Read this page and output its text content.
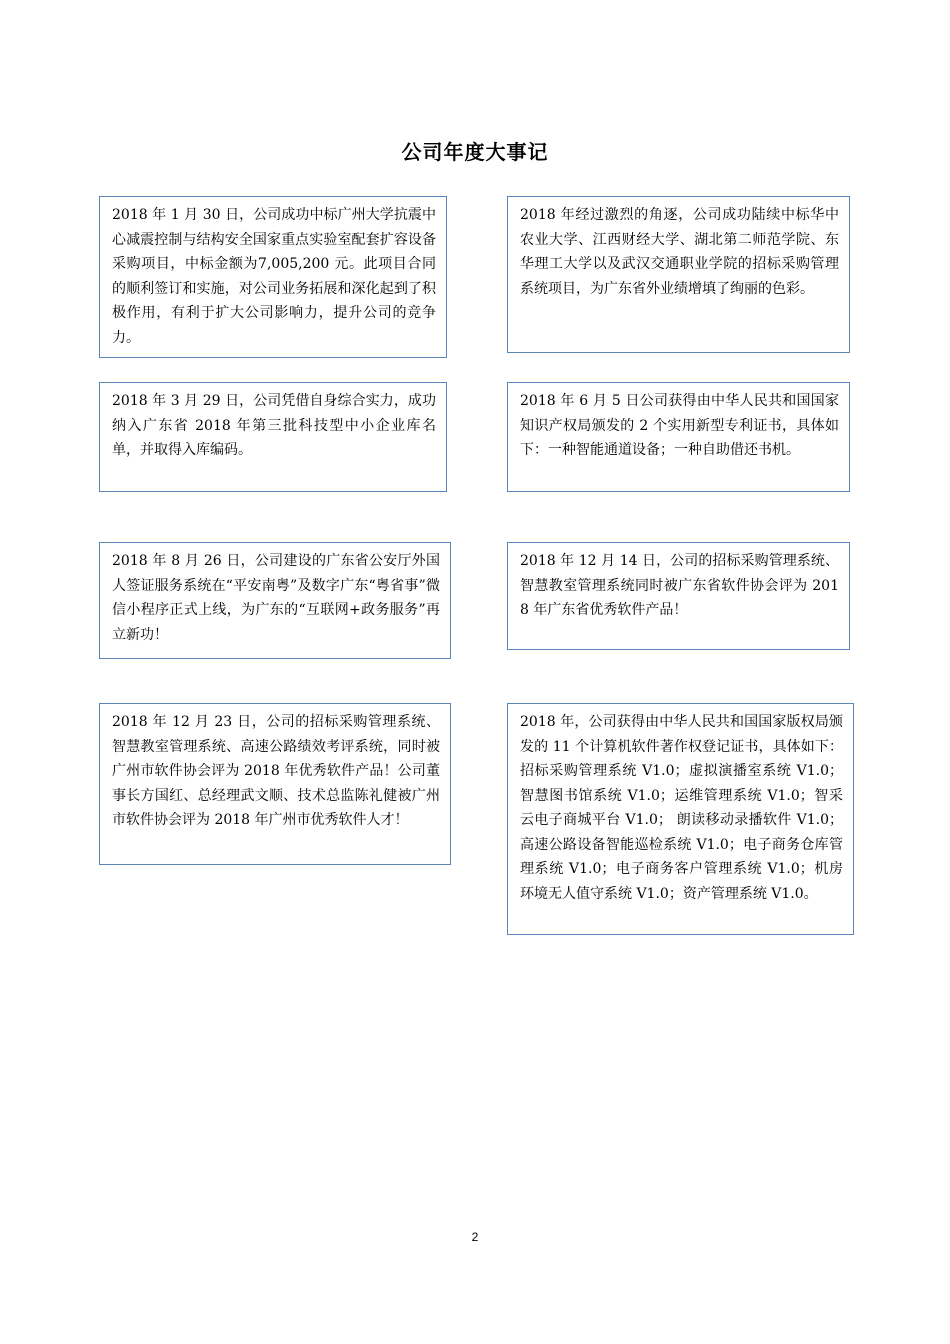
公司年度大事记
2018 年 1 月 30 日，公司成功中标广州大学抗震中心减震控制与结构安全国家重点实验室配套扩容设备采购项目，中标金额为7,005,200 元。此项目合同的顺利签订和实施，对公司业务拓展和深化起到了积极作用，有利于扩大公司影响力，提升公司的竞争力。
2018 年经过激烈的角逐，公司成功陆续中标华中农业大学、江西财经大学、湖北第二师范学院、东华理工大学以及武汉交通职业学院的招标采购管理系统项目，为广东省外业绩增填了绚丽的色彩。
2018 年 3 月 29 日，公司凭借自身综合实力，成功纳入广东省 2018 年第三批科技型中小企业库名单，并取得入库编码。
2018 年 6 月 5 日公司获得由中华人民共和国国家知识产权局颁发的 2 个实用新型专利证书，具体如下：一种智能通道设备；一种自助借还书机。
2018 年 8 月 26 日，公司建设的广东省公安厅外国人签证服务系统在“平安南粤”及数字广东“粤省事”微信小程序正式上线，为广东的“互联网+政务服务”再立新功！
2018 年 12 月 14 日，公司的招标采购管理系统、智慧教室管理系统同时被广东省软件协会评为 2018 年广东省优秀软件产品！
2018 年 12 月 23 日，公司的招标采购管理系统、智慧教室管理系统、高速公路绩效考评系统，同时被广州市软件协会评为 2018 年优秀软件产品！公司董事长方国红、总经理武文顺、技术总监陈礼健被广州市软件协会评为 2018 年广州市优秀软件人才！
2018 年，公司获得由中华人民共和国国家版权局颁发的 11 个计算机软件著作权登记证书，具体如下：招标采购管理系统 V1.0；虚拟演播室系统 V1.0；智慧图书馆系统 V1.0；运维管理系统 V1.0；智采云电子商城平台 V1.0； 朗读移动录播软件 V1.0；高速公路设备智能巡检系统 V1.0；电子商务仓库管理系统 V1.0；电子商务客户管理系统 V1.0；机房环境无人值守系统 V1.0；资产管理系统 V1.0。
2
